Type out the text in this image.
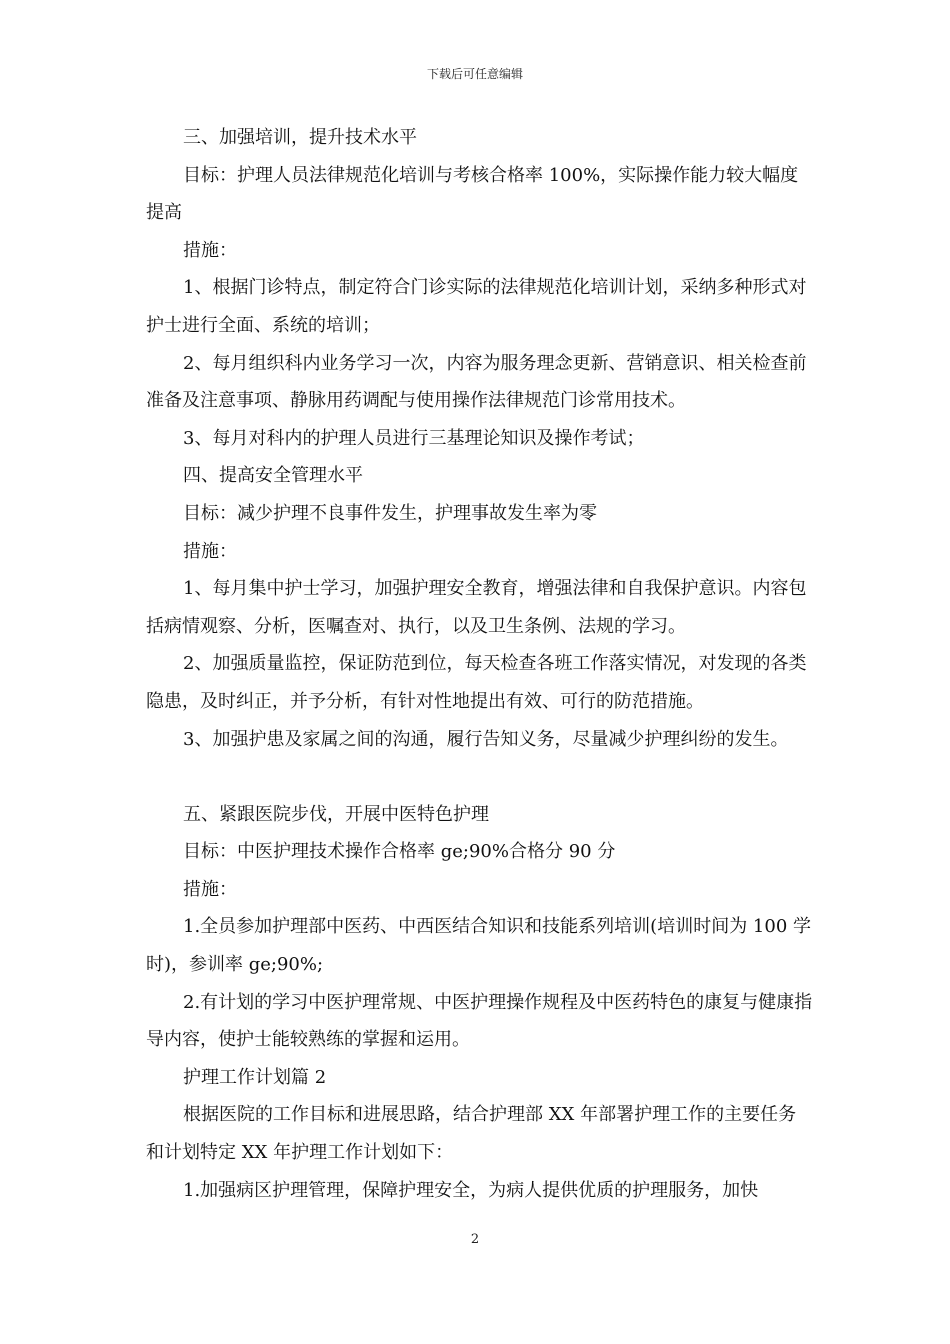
下载后可任意编辑

三、加强培训，提升技术水平

目标：护理人员法律规范化培训与考核合格率 100%，实际操作能力较大幅度提高

措施：

1、根据门诊特点，制定符合门诊实际的法律规范化培训计划，采纳多种形式对护士进行全面、系统的培训；

2、每月组织科内业务学习一次，内容为服务理念更新、营销意识、相关检查前准备及注意事项、静脉用药调配与使用操作法律规范门诊常用技术。

3、每月对科内的护理人员进行三基理论知识及操作考试；

四、提高安全管理水平

目标：减少护理不良事件发生，护理事故发生率为零

措施：

1、每月集中护士学习，加强护理安全教育，增强法律和自我保护意识。内容包括病情观察、分析，医嘱查对、执行，以及卫生条例、法规的学习。

2、加强质量监控，保证防范到位，每天检查各班工作落实情况，对发现的各类隐患，及时纠正，并予分析，有针对性地提出有效、可行的防范措施。

3、加强护患及家属之间的沟通，履行告知义务，尽量减少护理纠纷的发生。

五、紧跟医院步伐，开展中医特色护理

目标：中医护理技术操作合格率 ge;90%合格分 90 分

措施：

1.全员参加护理部中医药、中西医结合知识和技能系列培训(培训时间为 100 学时)，参训率 ge;90%;

2.有计划的学习中医护理常规、中医护理操作规程及中医药特色的康复与健康指导内容，使护士能较熟练的掌握和运用。

护理工作计划篇 2

根据医院的工作目标和进展思路，结合护理部 XX 年部署护理工作的主要任务和计划特定 XX 年护理工作计划如下：

1.加强病区护理管理，保障护理安全，为病人提供优质的护理服务，加快

2
